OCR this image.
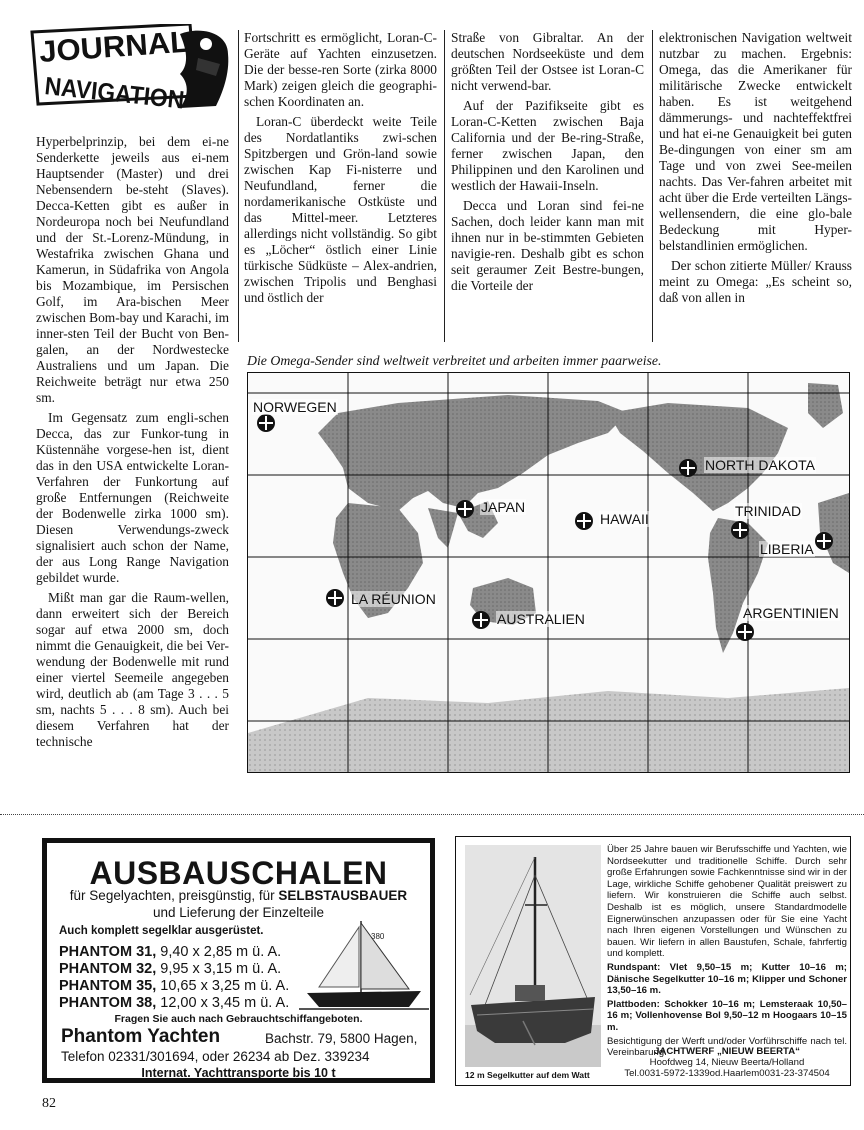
JOURNAL
NAVIGATION

Hyperbelprinzip, bei dem ei-ne Senderkette jeweils aus ei-nem Hauptsender (Master) und drei Nebensendern be-steht (Slaves). Decca-Ketten gibt es außer in Nordeuropa noch bei Neufundland und der St.-Lorenz-Mündung, in Westafrika zwischen Ghana und Kamerun, in Südafrika von Angola bis Mozambique, im Persischen Golf, im Ara-bischen Meer zwischen Bom-bay und Karachi, im inner-sten Teil der Bucht von Ben-galen, an der Nordwestecke Australiens und um Japan. Die Reichweite beträgt nur etwa 250 sm.

Im Gegensatz zum engli-schen Decca, das zur Funkor-tung in Küstennähe vorgese-hen ist, dient das in den USA entwickelte Loran-Verfahren der Funkortung auf große Entfernungen (Reichweite der Bodenwelle zirka 1000 sm). Diesen Verwendungs-zweck signalisiert auch schon der Name, der aus Long Range Navigation gebildet wurde.

Mißt man gar die Raum-wellen, dann erweitert sich der Bereich sogar auf etwa 2000 sm, doch nimmt die Genauigkeit, die bei Ver-wendung der Bodenwelle mit rund einer viertel Seemeile angegeben wird, deutlich ab (am Tage 3 . . . 5 sm, nachts 5 . . . 8 sm). Auch bei diesem Verfahren hat der technische

Fortschritt es ermöglicht, Loran-C-Geräte auf Yachten einzusetzen. Die der besse-ren Sorte (zirka 8000 Mark) zeigen gleich die geographi-schen Koordinaten an.

Loran-C überdeckt weite Teile des Nordatlantiks zwi-schen Spitzbergen und Grön-land sowie zwischen Kap Fi-nisterre und Neufundland, ferner die nordamerikanische Ostküste und das Mittel-meer. Letzteres allerdings nicht vollständig. So gibt es „Löcher“ östlich einer Linie türkische Südküste – Alex-andrien, zwischen Tripolis und Benghasi und östlich der

Straße von Gibraltar. An der deutschen Nordseeküste und dem größten Teil der Ostsee ist Loran-C nicht verwend-bar.

Auf der Pazifikseite gibt es Loran-C-Ketten zwischen Baja California und der Be-ring-Straße, ferner zwischen Japan, den Philippinen und den Karolinen und westlich der Hawaii-Inseln.

Decca und Loran sind fei-ne Sachen, doch leider kann man mit ihnen nur in be-stimmten Gebieten navigie-ren. Deshalb gibt es schon seit geraumer Zeit Bestre-bungen, die Vorteile der

elektronischen Navigation weltweit nutzbar zu machen. Ergebnis: Omega, das die Amerikaner für militärische Zwecke entwickelt haben. Es ist weitgehend dämmerungs- und nachteffektfrei und hat ei-ne Genauigkeit bei guten Be-dingungen von einer sm am Tage und von zwei See-meilen nachts. Das Ver-fahren arbeitet mit acht über die Erde verteilten Längs-wellensendern, die eine glo-bale Bedeckung mit Hyper-belstandlinien ermöglichen.

Der schon zitierte Müller/ Krauss meint zu Omega: „Es scheint so, daß von allen in

Die Omega-Sender sind weltweit verbreitet und arbeiten immer paarweise.
NORWEGEN
NORTH DAKOTA
JAPAN
HAWAII	TRINIDAD
LIBERIA
LA RÉUNION
AUSTRALIEN	ARGENTINIEN
AUSBAUSCHALEN
für Segelyachten, preisgünstig, für SELBSTAUSBAUER
und Lieferung der Einzelteile
Auch komplett segelklar ausgerüstet.
PHANTOM 31, 9,40 x 2,85 m ü. A.
PHANTOM 32, 9,95 x 3,15 m ü. A.
PHANTOM 35, 10,65 x 3,25 m ü. A.
PHANTOM 38, 12,00 x 3,45 m ü. A.
380
Fragen Sie auch nach Gebrauchtschiffangeboten.
Phantom Yachten	Bachstr. 79, 5800 Hagen,
Telefon 02331/301694, oder 26234 ab Dez. 339234
Internat. Yachttransporte bis 10 t	12 m Segelkutter auf dem Watt

Über 25 Jahre bauen wir Berufsschiffe und Yachten, wie Nordseekutter und traditionelle Schiffe. Durch sehr große Erfahrungen sowie Fachkenntnisse sind wir in der Lage, wirkliche Schiffe gehobener Qualität preiswert zu liefern. Wir konstruieren die Schiffe auch selbst. Deshalb ist es möglich, unsere Standardmodelle Eignerwünschen anzupassen oder für Sie eine Yacht nach Ihren eigenen Vorstellungen und Wünschen zu bauen. Wir liefern in allen Baustufen, Schale, fahrfertig und komplett.

Rundspant: Vlet 9,50–15 m; Kutter 10–16 m; Dänische Segelkutter 10–16 m; Klipper und Schoner 13,50–16 m.

Plattboden: Schokker 10–16 m; Lemsteraak 10,50–16 m; Vollenhovense Bol 9,50–12 m Hoogaars 10–15 m.

Besichtigung der Werft und/oder Vorführschiffe nach tel. Vereinbarung.

JACHTWERF „NIEUW BEERTA“
Hoofdweg 14, Nieuw Beerta/Holland
Tel.0031-5972-1339od.Haarlem0031-23-374504
82
